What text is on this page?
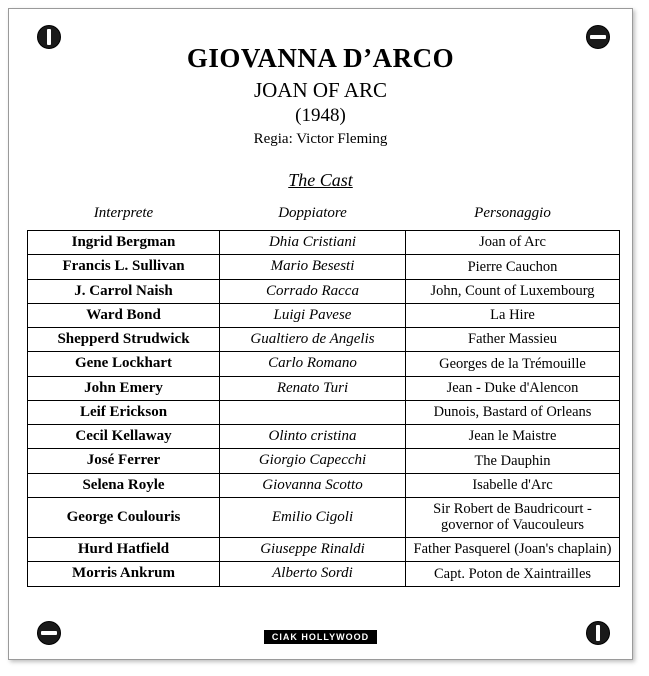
GIOVANNA D’ARCO
JOAN OF ARC
(1948)
Regia: Victor Fleming
The Cast
Interprete	Doppiatore	Personaggio
Ingrid Bergman	Dhia Cristiani	Joan of Arc
Francis L. Sullivan	Mario Besesti	Pierre Cauchon
J. Carrol Naish	Corrado Racca	John, Count of Luxembourg
Ward Bond	Luigi Pavese	La Hire
Shepperd Strudwick	Gualtiero de Angelis	Father Massieu
Gene Lockhart	Carlo Romano	Georges de la Trémouille
John Emery	Renato Turi	Jean - Duke d'Alencon
Leif Erickson		Dunois, Bastard of Orleans
Cecil Kellaway	Olinto cristina	Jean le Maistre
José Ferrer	Giorgio Capecchi	The Dauphin
Selena Royle	Giovanna Scotto	Isabelle d'Arc
George Coulouris	Emilio Cigoli	Sir Robert de Baudricourt - governor of Vaucouleurs
Hurd Hatfield	Giuseppe Rinaldi	Father Pasquerel (Joan's chaplain)
Morris Ankrum	Alberto Sordi	Capt. Poton de Xaintrailles
CIAK HOLLYWOOD
